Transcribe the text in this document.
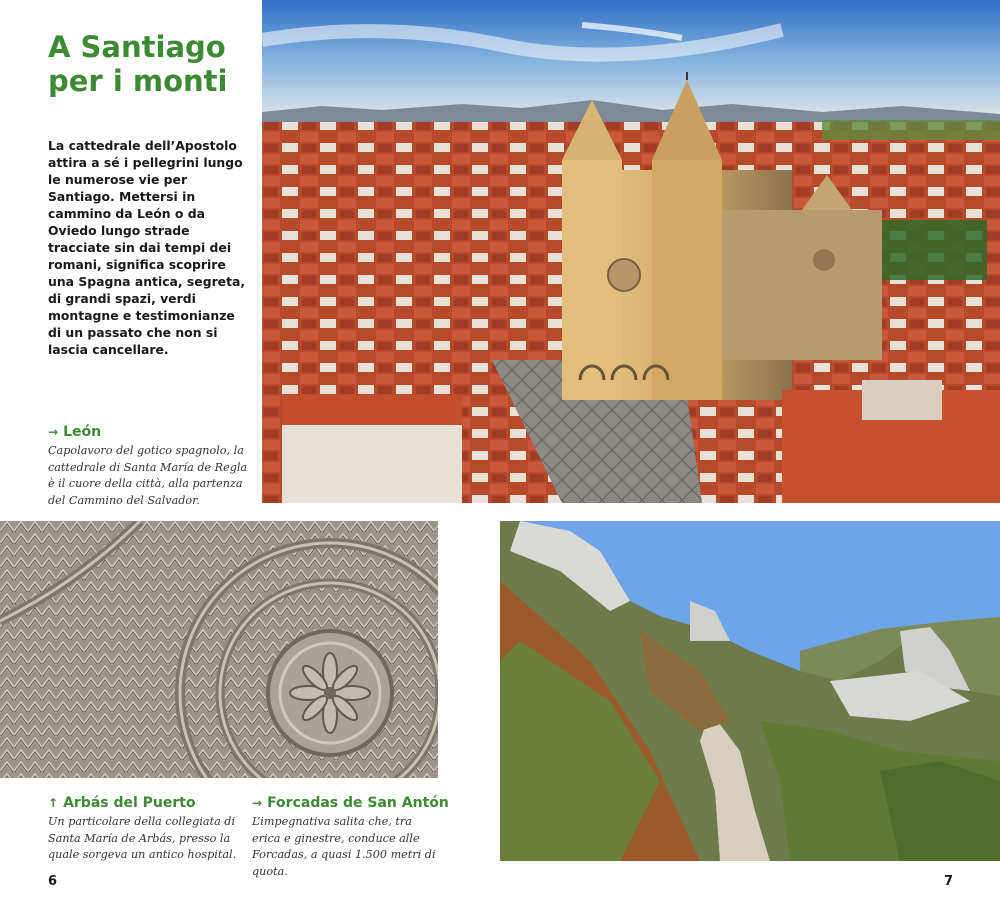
A Santiago per i monti

La cattedrale dell’Apostolo attira a sé i pellegrini lungo le numerose vie per Santiago. Mettersi in cammino da León o da Oviedo lungo strade tracciate sin dai tempi dei romani, significa scoprire una Spagna antica, segreta, di grandi spazi, verdi montagne e testimonianze di un passato che non si lascia cancellare.

→ León

Capolavoro del gotico spagnolo, la cattedrale di Santa María de Regla è il cuore della città, alla partenza del Cammino del Salvador.

↑ Arbás del Puerto

Un particolare della collegiata di Santa María de Arbás, presso la quale sorgeva un antico hospital.

→ Forcadas de San Antón

L’impegnativa salita che, tra erica e ginestre, conduce alle Forcadas, a quasi 1.500 metri di quota.

6	7
